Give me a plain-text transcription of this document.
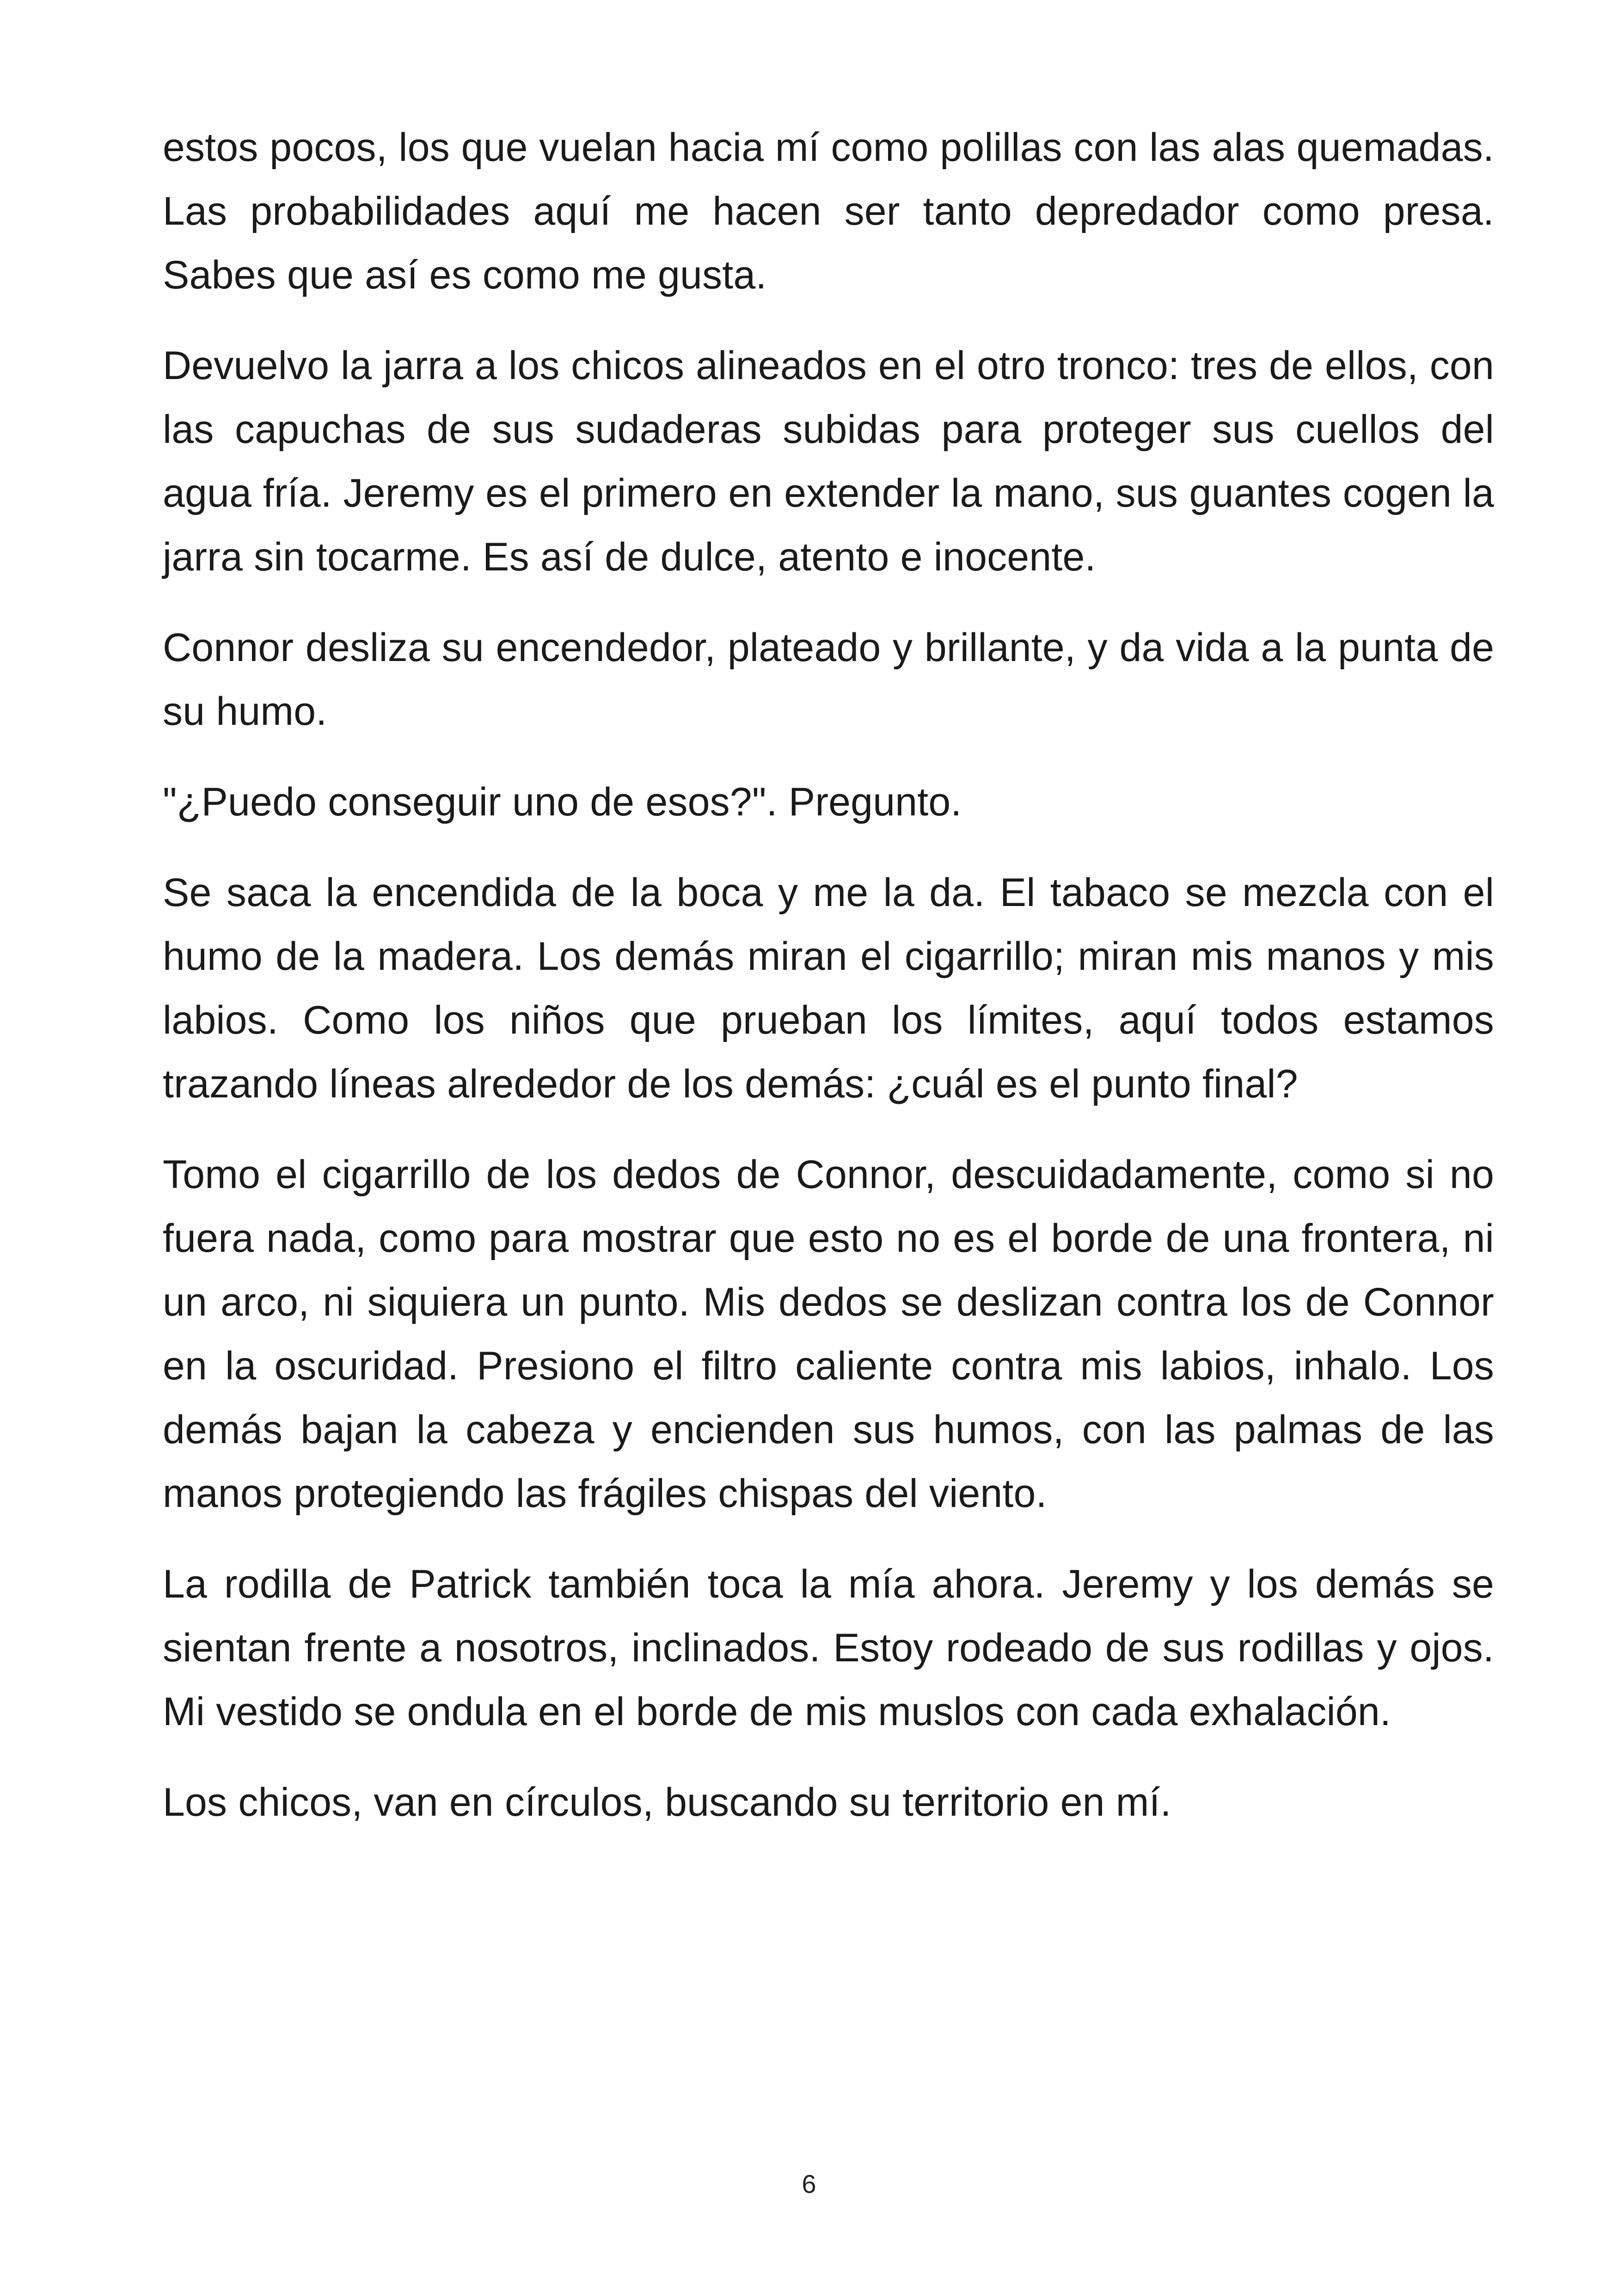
estos pocos, los que vuelan hacia mí como polillas con las alas quemadas. Las probabilidades aquí me hacen ser tanto depredador como presa. Sabes que así es como me gusta.

Devuelvo la jarra a los chicos alineados en el otro tronco: tres de ellos, con las capuchas de sus sudaderas subidas para proteger sus cuellos del agua fría. Jeremy es el primero en extender la mano, sus guantes cogen la jarra sin tocarme. Es así de dulce, atento e inocente.

Connor desliza su encendedor, plateado y brillante, y da vida a la punta de su humo.

"¿Puedo conseguir uno de esos?". Pregunto.

Se saca la encendida de la boca y me la da. El tabaco se mezcla con el humo de la madera. Los demás miran el cigarrillo; miran mis manos y mis labios. Como los niños que prueban los límites, aquí todos estamos trazando líneas alrededor de los demás: ¿cuál es el punto final?

Tomo el cigarrillo de los dedos de Connor, descuidadamente, como si no fuera nada, como para mostrar que esto no es el borde de una frontera, ni un arco, ni siquiera un punto. Mis dedos se deslizan contra los de Connor en la oscuridad. Presiono el filtro caliente contra mis labios, inhalo. Los demás bajan la cabeza y encienden sus humos, con las palmas de las manos protegiendo las frágiles chispas del viento.

La rodilla de Patrick también toca la mía ahora. Jeremy y los demás se sientan frente a nosotros, inclinados. Estoy rodeado de sus rodillas y ojos. Mi vestido se ondula en el borde de mis muslos con cada exhalación.

Los chicos, van en círculos, buscando su territorio en mí.

6
